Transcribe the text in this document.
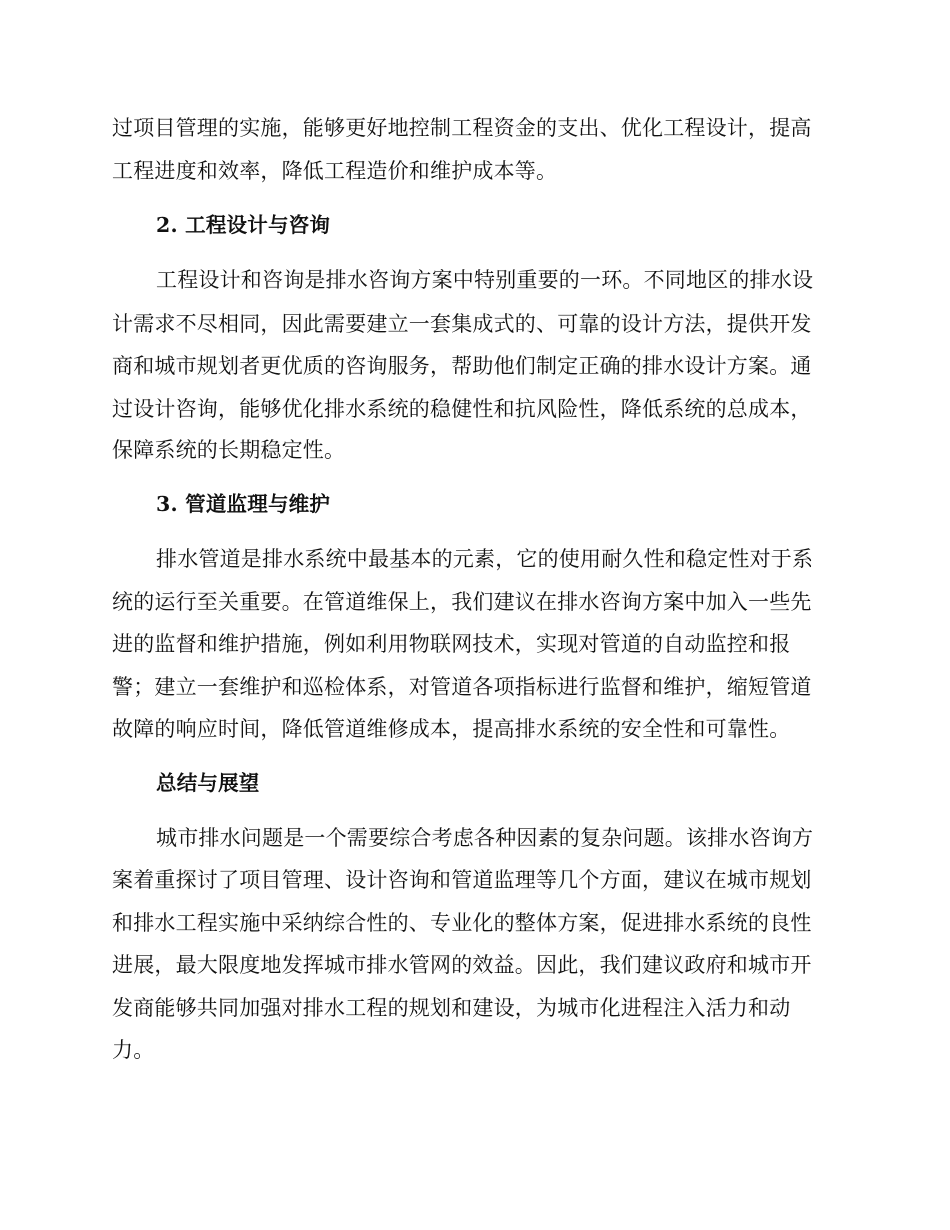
过项目管理的实施，能够更好地控制工程资金的支出、优化工程设计，提高
工程进度和效率，降低工程造价和维护成本等。
2. 工程设计与咨询
工程设计和咨询是排水咨询方案中特别重要的一环。不同地区的排水设
计需求不尽相同，因此需要建立一套集成式的、可靠的设计方法，提供开发
商和城市规划者更优质的咨询服务，帮助他们制定正确的排水设计方案。通
过设计咨询，能够优化排水系统的稳健性和抗风险性，降低系统的总成本，
保障系统的长期稳定性。
3. 管道监理与维护
排水管道是排水系统中最基本的元素，它的使用耐久性和稳定性对于系
统的运行至关重要。在管道维保上，我们建议在排水咨询方案中加入一些先
进的监督和维护措施，例如利用物联网技术，实现对管道的自动监控和报
警；建立一套维护和巡检体系，对管道各项指标进行监督和维护，缩短管道
故障的响应时间，降低管道维修成本，提高排水系统的安全性和可靠性。
总结与展望
城市排水问题是一个需要综合考虑各种因素的复杂问题。该排水咨询方
案着重探讨了项目管理、设计咨询和管道监理等几个方面，建议在城市规划
和排水工程实施中采纳综合性的、专业化的整体方案，促进排水系统的良性
进展，最大限度地发挥城市排水管网的效益。因此，我们建议政府和城市开
发商能够共同加强对排水工程的规划和建设，为城市化进程注入活力和动
力。
